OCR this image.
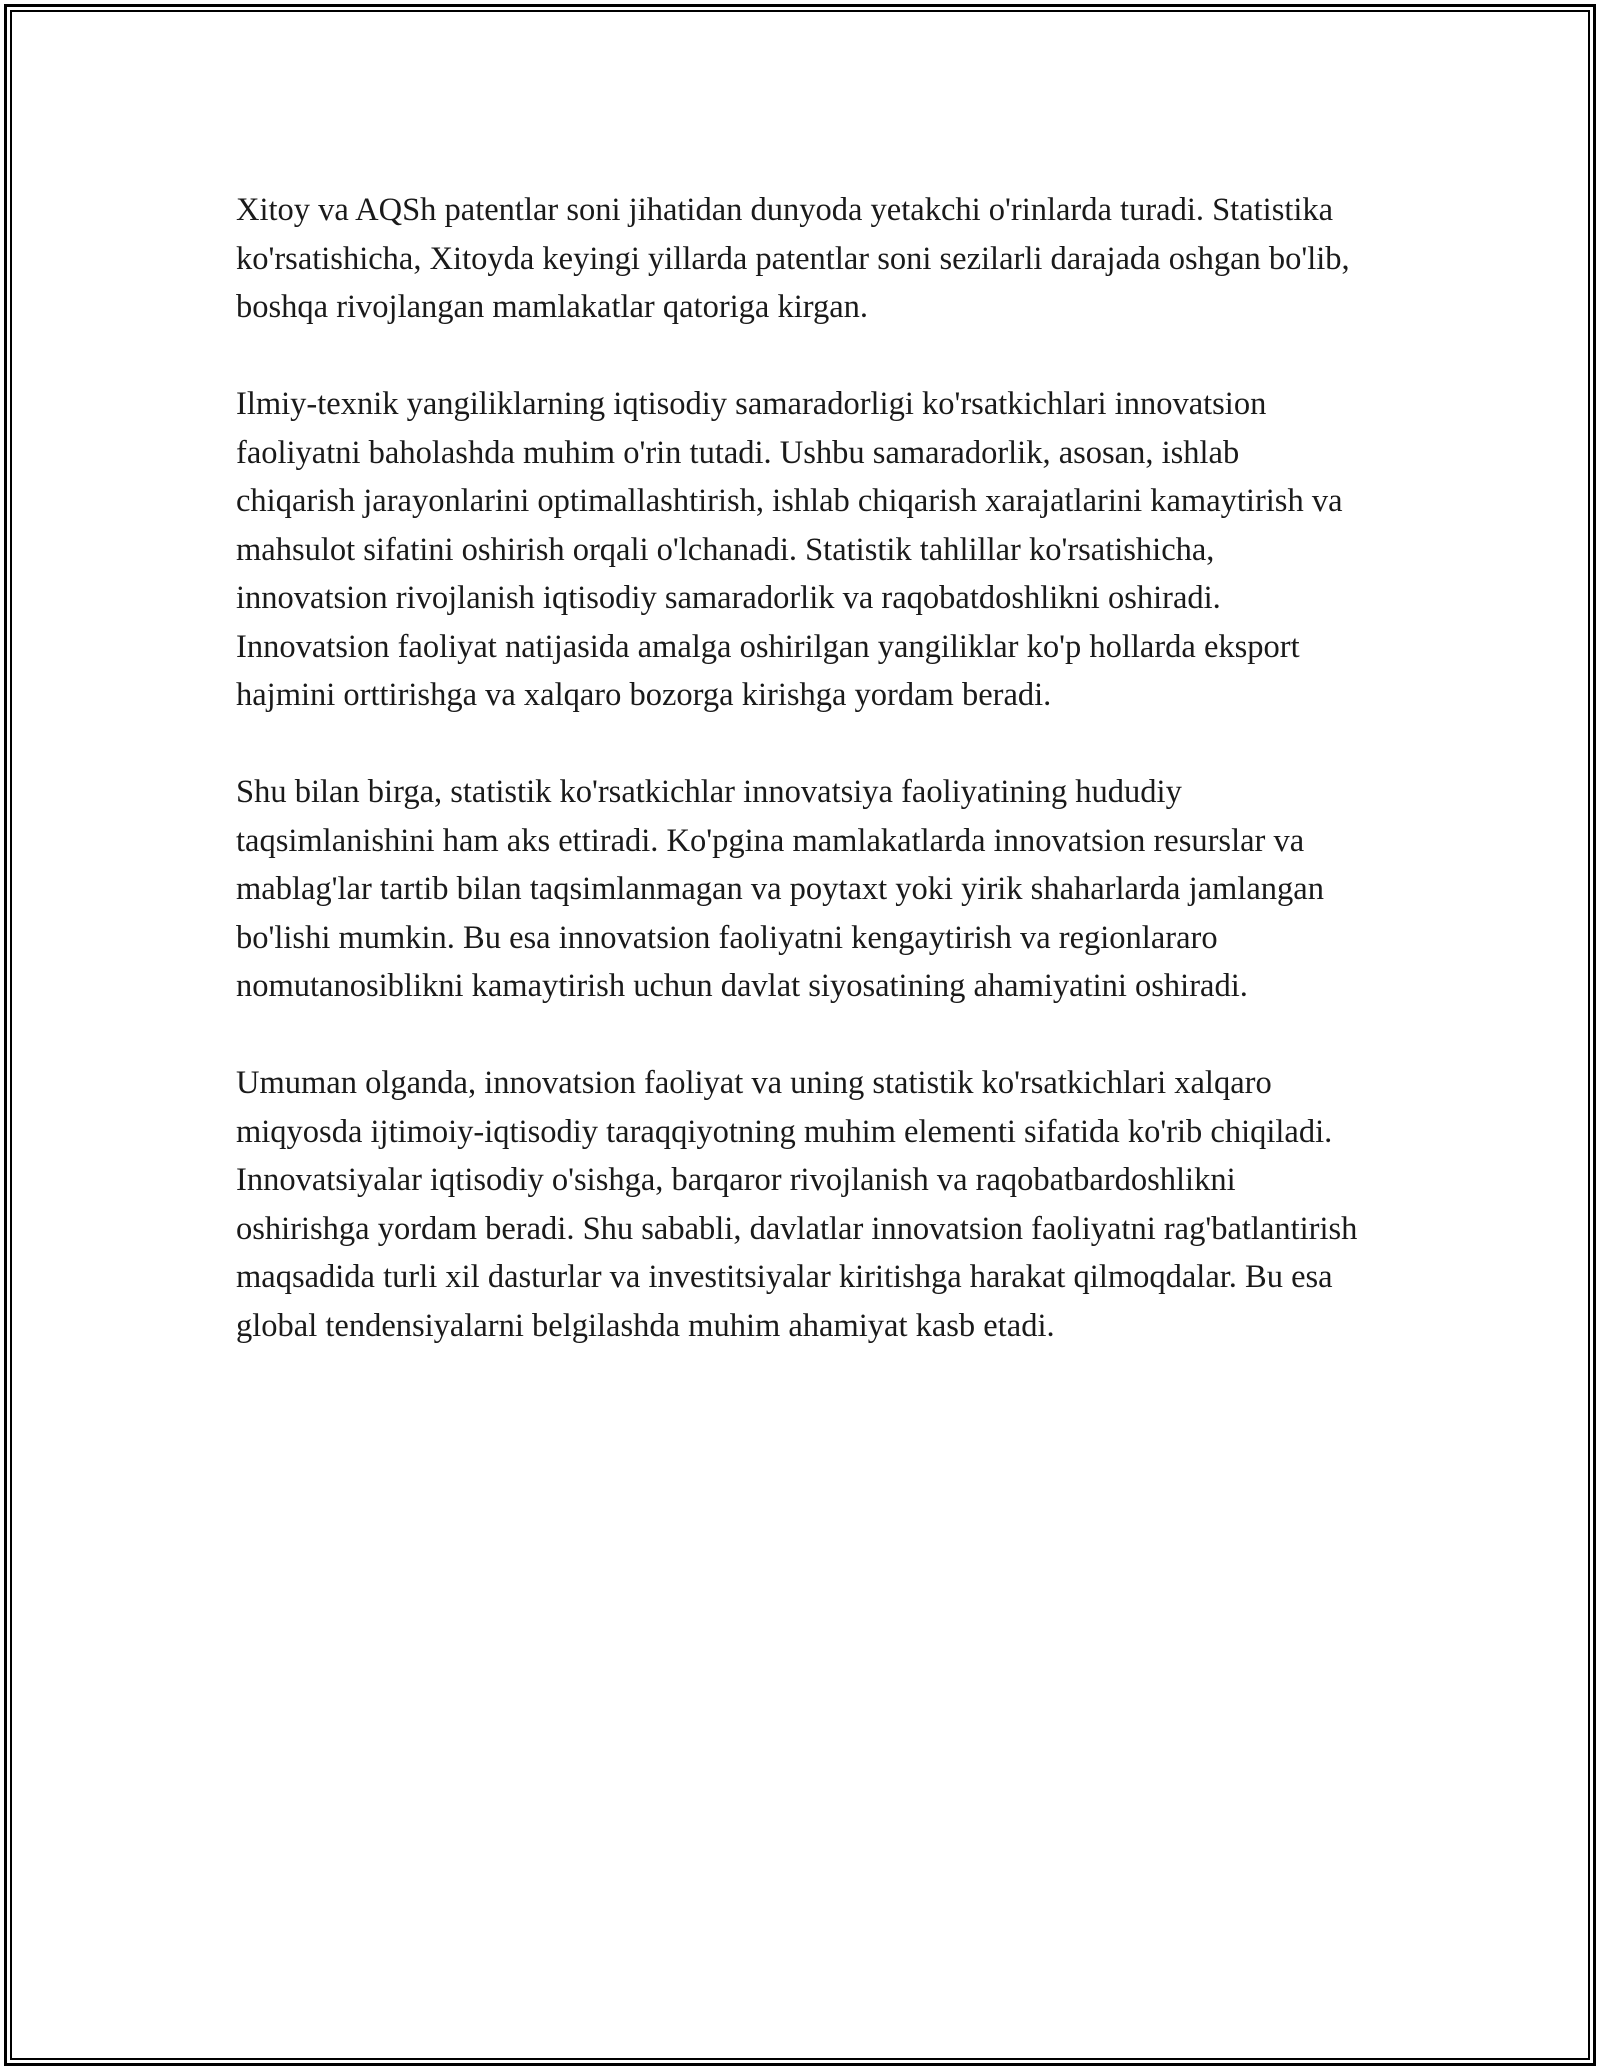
Xitoy va AQSh patentlar soni jihatidan dunyoda yetakchi o'rinlarda turadi. Statistika ko'rsatishicha, Xitoyda keyingi yillarda patentlar soni sezilarli darajada oshgan bo'lib, boshqa rivojlangan mamlakatlar qatoriga kirgan.

Ilmiy-texnik yangiliklarning iqtisodiy samaradorligi ko'rsatkichlari innovatsion faoliyatni baholashda muhim o'rin tutadi. Ushbu samaradorlik, asosan, ishlab chiqarish jarayonlarini optimallashtirish, ishlab chiqarish xarajatlarini kamaytirish va mahsulot sifatini oshirish orqali o'lchanadi. Statistik tahlillar ko'rsatishicha, innovatsion rivojlanish iqtisodiy samaradorlik va raqobatdoshlikni oshiradi. Innovatsion faoliyat natijasida amalga oshirilgan yangiliklar ko'p hollarda eksport hajmini orttirishga va xalqaro bozorga kirishga yordam beradi.

Shu bilan birga, statistik ko'rsatkichlar innovatsiya faoliyatining hududiy taqsimlanishini ham aks ettiradi. Ko'pgina mamlakatlarda innovatsion resurslar va mablag'lar tartib bilan taqsimlanmagan va poytaxt yoki yirik shaharlarda jamlangan bo'lishi mumkin. Bu esa innovatsion faoliyatni kengaytirish va regionlararo nomutanosiblikni kamaytirish uchun davlat siyosatining ahamiyatini oshiradi.

Umuman olganda, innovatsion faoliyat va uning statistik ko'rsatkichlari xalqaro miqyosda ijtimoiy-iqtisodiy taraqqiyotning muhim elementi sifatida ko'rib chiqiladi. Innovatsiyalar iqtisodiy o'sishga, barqaror rivojlanish va raqobatbardoshlikni oshirishga yordam beradi. Shu sababli, davlatlar innovatsion faoliyatni rag'batlantirish maqsadida turli xil dasturlar va investitsiyalar kiritishga harakat qilmoqdalar. Bu esa global tendensiyalarni belgilashda muhim ahamiyat kasb etadi.
